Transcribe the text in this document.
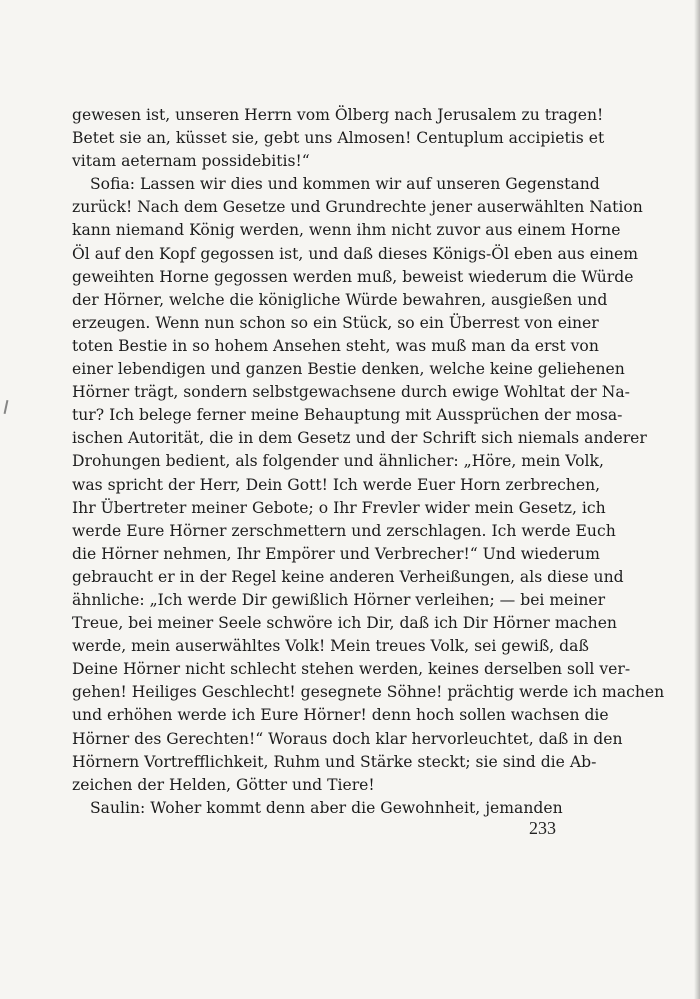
gewesen ist, unseren Herrn vom Ölberg nach Jerusalem zu tragen!
Betet sie an, küsset sie, gebt uns Almosen! Centuplum accipietis et
vitam aeternam possidebitis!“
Sofia: Lassen wir dies und kommen wir auf unseren Gegenstand
zurück! Nach dem Gesetze und Grundrechte jener auserwählten Nation
kann niemand König werden, wenn ihm nicht zuvor aus einem Horne
Öl auf den Kopf gegossen ist, und daß dieses Königs-Öl eben aus einem
geweihten Horne gegossen werden muß, beweist wiederum die Würde
der Hörner, welche die königliche Würde bewahren, ausgießen und
erzeugen. Wenn nun schon so ein Stück, so ein Überrest von einer
toten Bestie in so hohem Ansehen steht, was muß man da erst von
einer lebendigen und ganzen Bestie denken, welche keine geliehenen
Hörner trägt, sondern selbstgewachsene durch ewige Wohltat der Na-
tur? Ich belege ferner meine Behauptung mit Aussprüchen der mosa-
ischen Autorität, die in dem Gesetz und der Schrift sich niemals anderer
Drohungen bedient, als folgender und ähnlicher: „Höre, mein Volk,
was spricht der Herr, Dein Gott! Ich werde Euer Horn zerbrechen,
Ihr Übertreter meiner Gebote; o Ihr Frevler wider mein Gesetz, ich
werde Eure Hörner zerschmettern und zerschlagen. Ich werde Euch
die Hörner nehmen, Ihr Empörer und Verbrecher!“ Und wiederum
gebraucht er in der Regel keine anderen Verheißungen, als diese und
ähnliche: „Ich werde Dir gewißlich Hörner verleihen; — bei meiner
Treue, bei meiner Seele schwöre ich Dir, daß ich Dir Hörner machen
werde, mein auserwähltes Volk! Mein treues Volk, sei gewiß, daß
Deine Hörner nicht schlecht stehen werden, keines derselben soll ver-
gehen! Heiliges Geschlecht! gesegnete Söhne! prächtig werde ich machen
und erhöhen werde ich Eure Hörner! denn hoch sollen wachsen die
Hörner des Gerechten!“ Woraus doch klar hervorleuchtet, daß in den
Hörnern Vortrefflichkeit, Ruhm und Stärke steckt; sie sind die Ab-
zeichen der Helden, Götter und Tiere!
Saulin: Woher kommt denn aber die Gewohnheit, jemanden
233
